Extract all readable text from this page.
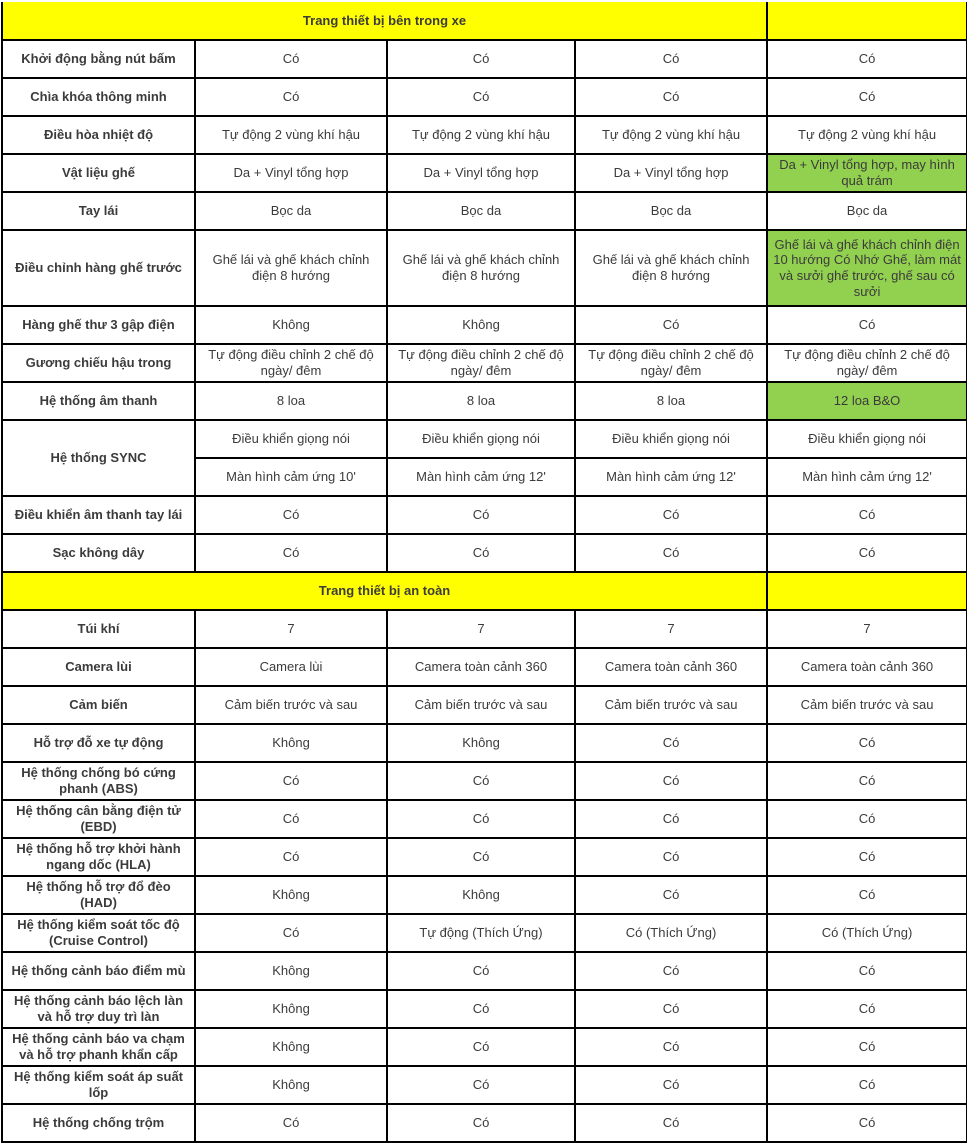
Trang thiết bị bên trong xe				
Khởi động bằng nút bấm	Có	Có	Có	Có
Chìa khóa thông minh	Có	Có	Có	Có
Điều hòa nhiệt độ	Tự động 2 vùng khí hậu	Tự động 2 vùng khí hậu	Tự động 2 vùng khí hậu	Tự động 2 vùng khí hậu
Vật liệu ghế	Da + Vinyl tổng hợp	Da + Vinyl tổng hợp	Da + Vinyl tổng hợp	Da + Vinyl tổng hợp, may hình quả trám
Tay lái	Bọc da	Bọc da	Bọc da	Bọc da
Điều chỉnh hàng ghế trước	Ghế lái và ghế khách chỉnh điện 8 hướng	Ghế lái và ghế khách chỉnh điện 8 hướng	Ghế lái và ghế khách chỉnh điện 8 hướng	Ghế lái và ghế khách chỉnh điện 10 hướng Có Nhớ Ghế, làm mát và sưởi ghế trước, ghế sau có sưởi
Hàng ghế thư 3 gập điện	Không	Không	Có	Có
Gương chiếu hậu trong	Tự động điều chỉnh 2 chế độ ngày/ đêm	Tự động điều chỉnh 2 chế độ ngày/ đêm	Tự động điều chỉnh 2 chế độ ngày/ đêm	Tự động điều chỉnh 2 chế độ ngày/ đêm
Hệ thống âm thanh	8 loa	8 loa	8 loa	12 loa B&O
Hệ thống SYNC	Điều khiển giọng nói	Điều khiển giọng nói	Điều khiển giọng nói	Điều khiển giọng nói
	Màn hình cảm ứng 10'	Màn hình cảm ứng 12'	Màn hình cảm ứng 12'	Màn hình cảm ứng 12'
Điều khiển âm thanh tay lái	Có	Có	Có	Có
Sạc không dây	Có	Có	Có	Có
Trang thiết bị an toàn				
Túi khí	7	7	7	7
Camera lùi	Camera lùi	Camera toàn cảnh 360	Camera toàn cảnh 360	Camera toàn cảnh 360
Cảm biến	Cảm biến trước và sau	Cảm biến trước và sau	Cảm biến trước và sau	Cảm biến trước và sau
Hỗ trợ đỗ xe tự động	Không	Không	Có	Có
Hệ thống chống bó cứng phanh (ABS)	Có	Có	Có	Có
Hệ thống cân bằng điện tử (EBD)	Có	Có	Có	Có
Hệ thống hỗ trợ khởi hành ngang dốc (HLA)	Có	Có	Có	Có
Hệ thống hỗ trợ đổ đèo (HAD)	Không	Không	Có	Có
Hệ thống kiểm soát tốc độ (Cruise Control)	Có	Tự động (Thích Ứng)	Có (Thích Ứng)	Có (Thích Ứng)
Hệ thống cảnh báo điểm mù	Không	Có	Có	Có
Hệ thống cảnh báo lệch làn và hỗ trợ duy trì làn	Không	Có	Có	Có
Hệ thống cảnh báo va chạm và hỗ trợ phanh khẩn cấp	Không	Có	Có	Có
Hệ thống kiểm soát áp suất lốp	Không	Có	Có	Có
Hệ thống chống trộm	Có	Có	Có	Có
